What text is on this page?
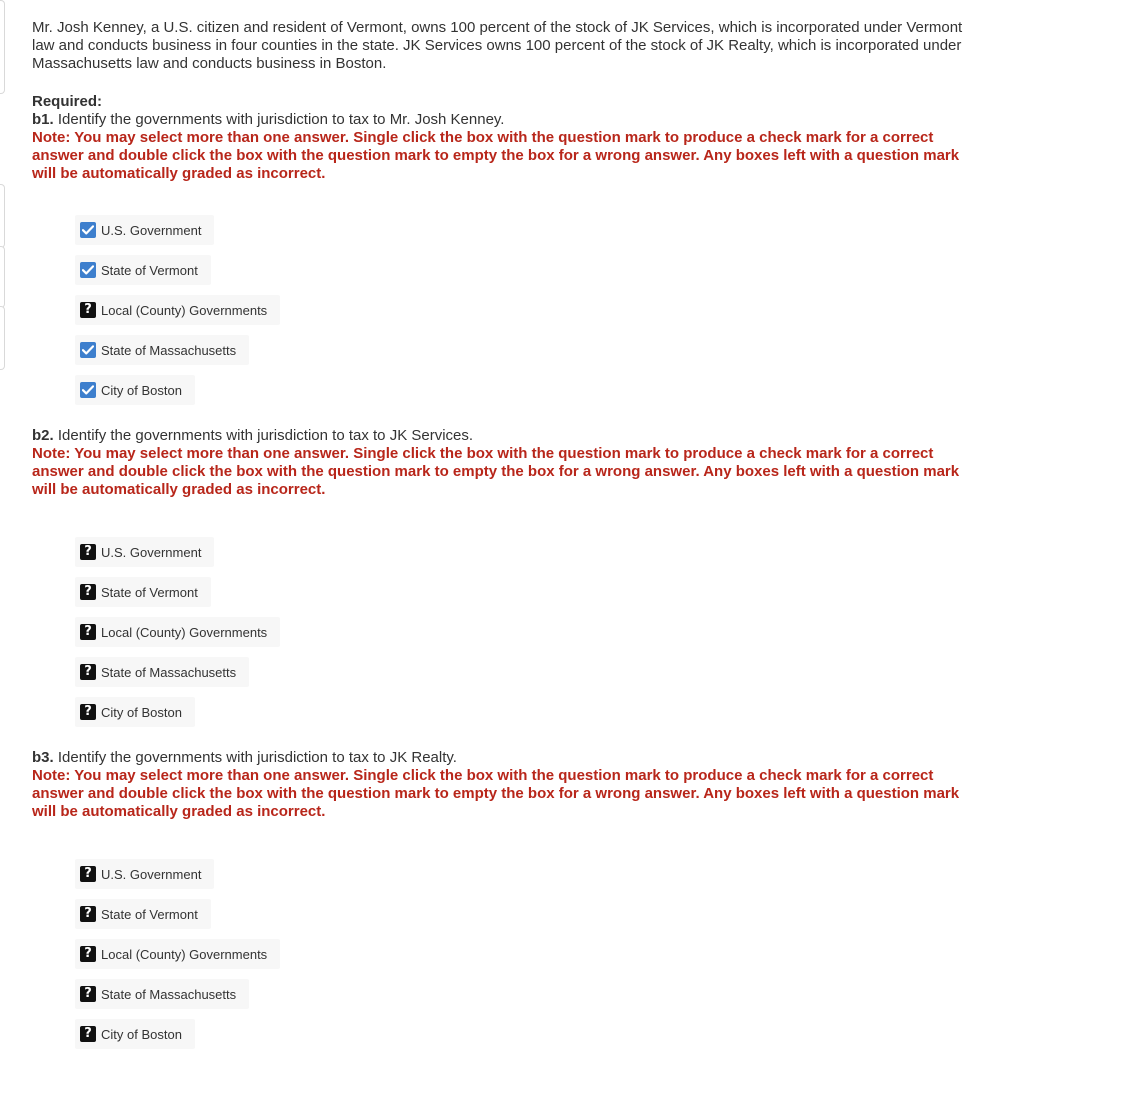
Mr. Josh Kenney, a U.S. citizen and resident of Vermont, owns 100 percent of the stock of JK Services, which is incorporated under Vermont law and conducts business in four counties in the state. JK Services owns 100 percent of the stock of JK Realty, which is incorporated under Massachusetts law and conducts business in Boston.

Required:

b1. Identify the governments with jurisdiction to tax to Mr. Josh Kenney.

Note: You may select more than one answer. Single click the box with the question mark to produce a check mark for a correct answer and double click the box with the question mark to empty the box for a wrong answer. Any boxes left with a question mark will be automatically graded as incorrect.

U.S. Government
State of Vermont
? Local (County) Governments
State of Massachusetts
City of Boston

b2. Identify the governments with jurisdiction to tax to JK Services.

Note: You may select more than one answer. Single click the box with the question mark to produce a check mark for a correct answer and double click the box with the question mark to empty the box for a wrong answer. Any boxes left with a question mark will be automatically graded as incorrect.

? U.S. Government
? State of Vermont
? Local (County) Governments
? State of Massachusetts
? City of Boston

b3. Identify the governments with jurisdiction to tax to JK Realty.

Note: You may select more than one answer. Single click the box with the question mark to produce a check mark for a correct answer and double click the box with the question mark to empty the box for a wrong answer. Any boxes left with a question mark will be automatically graded as incorrect.

? U.S. Government
? State of Vermont
? Local (County) Governments
? State of Massachusetts
? City of Boston
